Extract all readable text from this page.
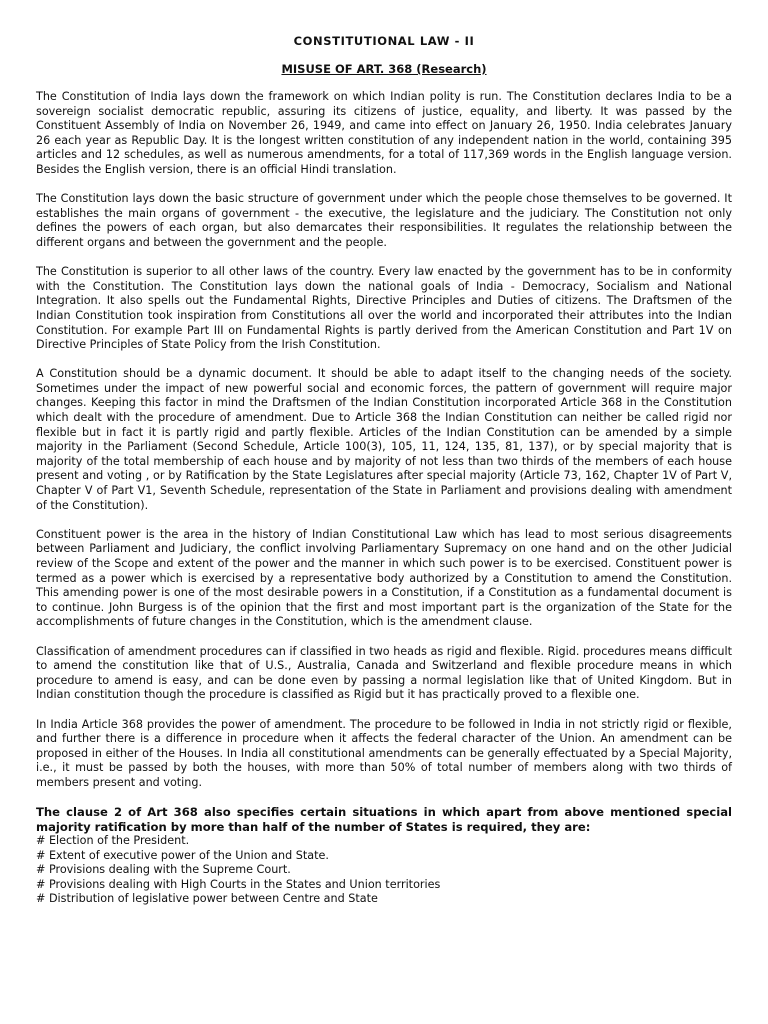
CONSTITUTIONAL LAW - II
MISUSE OF ART. 368 (Research)

The Constitution of India lays down the framework on which Indian polity is run. The Constitution declares India to be a sovereign socialist democratic republic, assuring its citizens of justice, equality, and liberty. It was passed by the Constituent Assembly of India on November 26, 1949, and came into effect on January 26, 1950. India celebrates January 26 each year as Republic Day. It is the longest written constitution of any independent nation in the world, containing 395 articles and 12 schedules, as well as numerous amendments, for a total of 117,369 words in the English language version. Besides the English version, there is an official Hindi translation.

The Constitution lays down the basic structure of government under which the people chose themselves to be governed. It establishes the main organs of government - the executive, the legislature and the judiciary. The Constitution not only defines the powers of each organ, but also demarcates their responsibilities. It regulates the relationship between the different organs and between the government and the people.

The Constitution is superior to all other laws of the country. Every law enacted by the government has to be in conformity with the Constitution. The Constitution lays down the national goals of India - Democracy, Socialism and National Integration. It also spells out the Fundamental Rights, Directive Principles and Duties of citizens. The Draftsmen of the Indian Constitution took inspiration from Constitutions all over the world and incorporated their attributes into the Indian Constitution. For example Part III on Fundamental Rights is partly derived from the American Constitution and Part 1V on Directive Principles of State Policy from the Irish Constitution.

A Constitution should be a dynamic document. It should be able to adapt itself to the changing needs of the society. Sometimes under the impact of new powerful social and economic forces, the pattern of government will require major changes. Keeping this factor in mind the Draftsmen of the Indian Constitution incorporated Article 368 in the Constitution which dealt with the procedure of amendment. Due to Article 368 the Indian Constitution can neither be called rigid nor flexible but in fact it is partly rigid and partly flexible. Articles of the Indian Constitution can be amended by a simple majority in the Parliament (Second Schedule, Article 100(3), 105, 11, 124, 135, 81, 137), or by special majority that is majority of the total membership of each house and by majority of not less than two thirds of the members of each house present and voting , or by Ratification by the State Legislatures after special majority (Article 73, 162, Chapter 1V of Part V, Chapter V of Part V1, Seventh Schedule, representation of the State in Parliament and provisions dealing with amendment of the Constitution).

Constituent power is the area in the history of Indian Constitutional Law which has lead to most serious disagreements between Parliament and Judiciary, the conflict involving Parliamentary Supremacy on one hand and on the other Judicial review of the Scope and extent of the power and the manner in which such power is to be exercised. Constituent power is termed as a power which is exercised by a representative body authorized by a Constitution to amend the Constitution. This amending power is one of the most desirable powers in a Constitution, if a Constitution as a fundamental document is to continue. John Burgess is of the opinion that the first and most important part is the organization of the State for the accomplishments of future changes in the Constitution, which is the amendment clause.

Classification of amendment procedures can if classified in two heads as rigid and flexible. Rigid. procedures means difficult to amend the constitution like that of U.S., Australia, Canada and Switzerland and flexible procedure means in which procedure to amend is easy, and can be done even by passing a normal legislation like that of United Kingdom. But in Indian constitution though the procedure is classified as Rigid but it has practically proved to a flexible one.

In India Article 368 provides the power of amendment. The procedure to be followed in India in not strictly rigid or flexible, and further there is a difference in procedure when it affects the federal character of the Union. An amendment can be proposed in either of the Houses. In India all constitutional amendments can be generally effectuated by a Special Majority, i.e., it must be passed by both the houses, with more than 50% of total number of members along with two thirds of members present and voting.

The clause 2 of Art 368 also specifies certain situations in which apart from above mentioned special majority ratification by more than half of the number of States is required, they are:

# Election of the President.
# Extent of executive power of the Union and State.
# Provisions dealing with the Supreme Court.
# Provisions dealing with High Courts in the States and Union territories
# Distribution of legislative power between Centre and State
